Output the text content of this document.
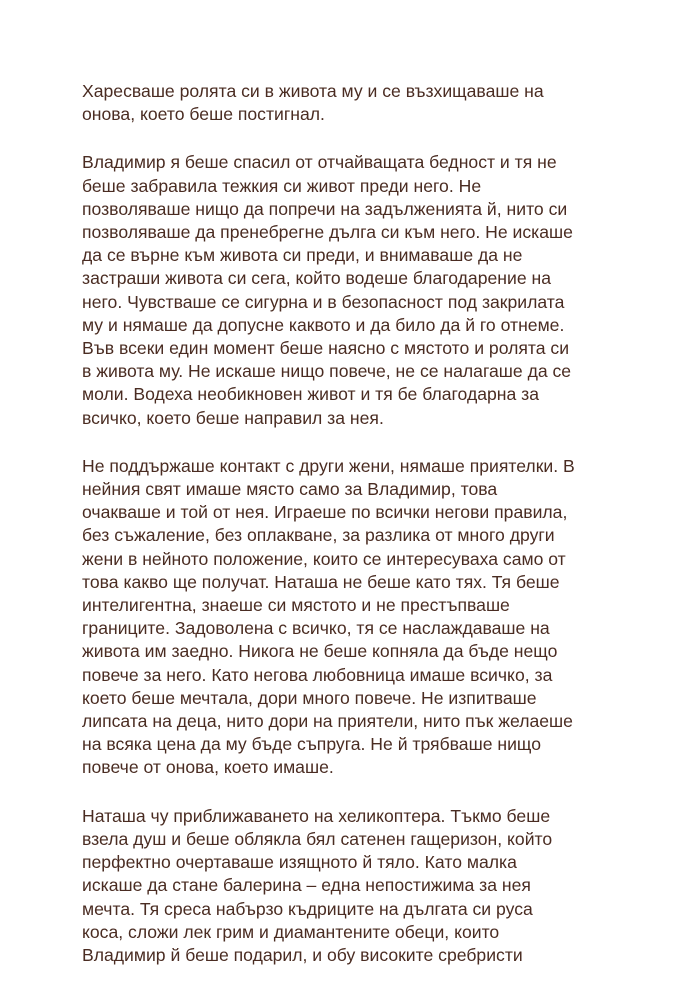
Харесваше ролята си в живота му и се възхищаваше на
онова, което беше постигнал.

Владимир я беше спасил от отчайващата бедност и тя не
беше забравила тежкия си живот преди него. Не
позволяваше нищо да попречи на задълженията й, нито си
позволяваше да пренебрегне дълга си към него. Не искаше
да се върне към живота си преди, и внимаваше да не
застраши живота си сега, който водеше благодарение на
него. Чувстваше се сигурна и в безопасност под закрилата
му и нямаше да допусне каквото и да било да й го отнеме.
Във всеки един момент беше наясно с мястото и ролята си
в живота му. Не искаше нищо повече, не се налагаше да се
моли. Водеха необикновен живот и тя бе благодарна за
всичко, което беше направил за нея.

Не поддържаше контакт с други жени, нямаше приятелки. В
нейния свят имаше място само за Владимир, това
очакваше и той от нея. Играеше по всички негови правила,
без съжаление, без оплакване, за разлика от много други
жени в нейното положение, които се интересуваха само от
това какво ще получат. Наташа не беше като тях. Тя беше
интелигентна, знаеше си мястото и не престъпваше
границите. Задоволена с всичко, тя се наслаждаваше на
живота им заедно. Никога не беше копняла да бъде нещо
повече за него. Като негова любовница имаше всичко, за
което беше мечтала, дори много повече. Не изпитваше
липсата на деца, нито дори на приятели, нито пък желаеше
на всяка цена да му бъде съпруга. Не й трябваше нищо
повече от онова, което имаше.

Наташа чу приближаването на хеликоптера. Тъкмо беше
взела душ и беше облякла бял сатенен гащеризон, който
перфектно очертаваше изящното й тяло. Като малка
искаше да стане балерина – една непостижима за нея
мечта. Тя среса набързо къдриците на дългата си руса
коса, сложи лек грим и диамантените обеци, които
Владимир й беше подарил, и обу високите сребристи
